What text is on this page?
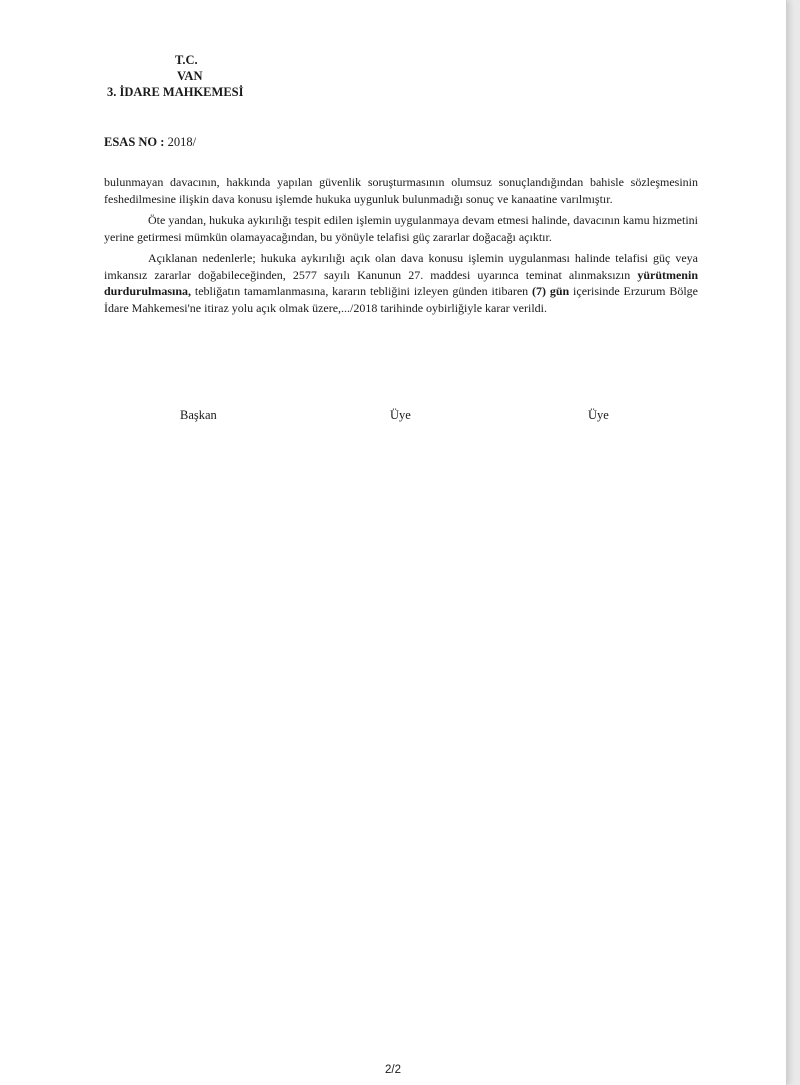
T.C.
VAN
3. İDARE MAHKEMESİ
ESAS NO : 2018/

bulunmayan davacının, hakkında yapılan güvenlik soruşturmasının olumsuz sonuçlandığından bahisle sözleşmesinin feshedilmesine ilişkin dava konusu işlemde hukuka uygunluk bulunmadığı sonuç ve kanaatine varılmıştır.

Öte yandan, hukuka aykırılığı tespit edilen işlemin uygulanmaya devam etmesi halinde, davacının kamu hizmetini yerine getirmesi mümkün olamayacağından, bu yönüyle telafisi güç zararlar doğacağı açıktır.

Açıklanan nedenlerle; hukuka aykırılığı açık olan dava konusu işlemin uygulanması halinde telafisi güç veya imkansız zararlar doğabileceğinden, 2577 sayılı Kanunun 27. maddesi uyarınca teminat alınmaksızın yürütmenin durdurulmasına, tebliğatın tamamlanmasına, kararın tebliğini izleyen günden itibaren (7) gün içerisinde Erzurum Bölge İdare Mahkemesi'ne itiraz yolu açık olmak üzere,.../2018 tarihinde oybirliğiyle karar verildi.

Başkan	Üye	Üye
2/2
